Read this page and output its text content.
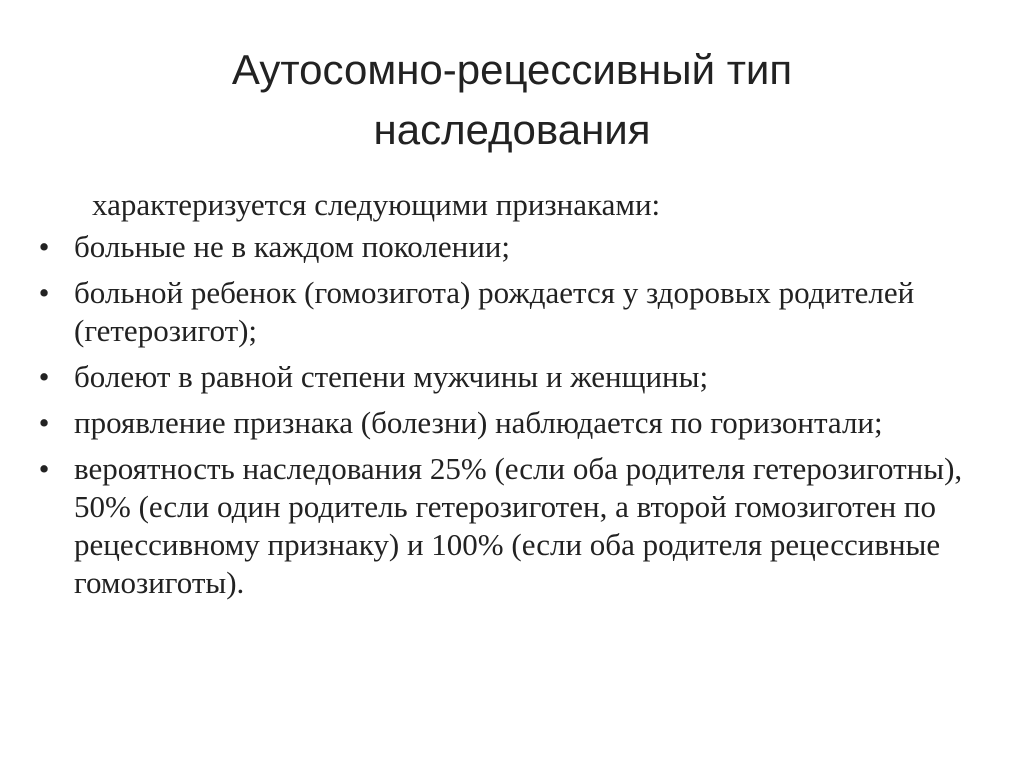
Аутосомно-рецессивный тип
наследования

характеризуется следующими признаками:

• больные не в каждом поколении;
• больной ребенок (гомозигота) рождается у здоровых родителей (гетерозигот);
• болеют в равной степени мужчины и женщины;
• проявление признака (болезни) наблюдается по горизонтали;
• вероятность наследования 25% (если оба родителя гетерозиготны), 50% (если один родитель гетерозиготен, а второй гомозиготен по рецессивному признаку) и 100% (если оба родителя рецессивные гомозиготы).
